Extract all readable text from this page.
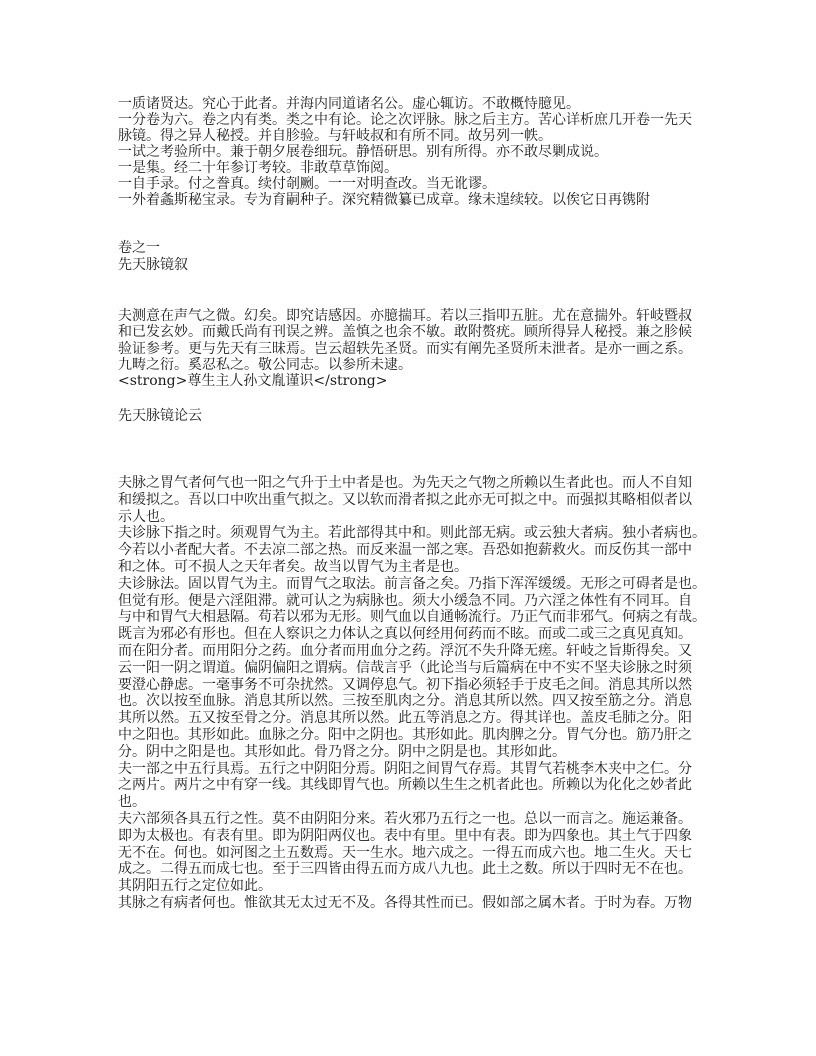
一质诸贤达。究心于此者。并海内同道诸名公。虚心辄访。不敢概恃臆见。
一分卷为六。卷之内有类。类之中有论。论之次评脉。脉之后主方。苦心详析庶几开卷一先天
脉镜。得之异人秘授。并自胗验。与轩岐叔和有所不同。故另列一帙。
一试之考验所中。兼于朝夕展卷细玩。静悟研思。别有所得。亦不敢尽剿成说。
一是集。经二十年参订考较。非敢草草饰阅。
一自手录。付之誊真。续付剞劂。一一对明查改。当无讹谬。
一外着螽斯秘宝录。专为育嗣种子。深究精微纂已成章。缘未遑续较。以俟它日再镌附
卷之一
先天脉镜叙
夫测意在声气之微。幻矣。即究诘感因。亦臆揣耳。若以三指叩五脏。尤在意揣外。轩岐暨叔
和已发玄妙。而戴氏尚有刊误之辨。盖慎之也余不敏。敢附赘疣。顾所得异人秘授。兼之胗候
验证参考。更与先天有三昧焉。岂云超轶先圣贤。而实有阐先圣贤所未泄者。是亦一画之系。
九畴之衍。奚忍私之。敬公同志。以参所未逮。
<strong>尊生主人孙文胤谨识</strong>
先天脉镜论云
夫脉之胃气者何气也一阳之气升于土中者是也。为先天之气物之所赖以生者此也。而人不自知
和缓拟之。吾以口中吹出重气拟之。又以软而滑者拟之此亦无可拟之中。而强拟其略相似者以
示人也。
夫诊脉下指之时。须观胃气为主。若此部得其中和。则此部无病。或云独大者病。独小者病也。
今若以小者配大者。不去凉二部之热。而反来温一部之寒。吾恐如抱薪救火。而反伤其一部中
和之体。可不损人之天年者矣。故当以胃气为主者是也。
夫诊脉法。固以胃气为主。而胃气之取法。前言备之矣。乃指下浑浑缓缓。无形之可碍者是也。
但觉有形。便是六淫阻滞。就可认之为病脉也。须大小缓急不同。乃六淫之体性有不同耳。自
与中和胃气大相悬隔。苟若以邪为无形。则气血以自通畅流行。乃正气而非邪气。何病之有哉。
既言为邪必有形也。但在人察识之力体认之真以何经用何药而不眩。而或二或三之真见真知。
而在阳分者。而用阳分之药。血分者而用血分之药。浮沉不失升降无瘥。轩岐之旨斯得矣。又
云一阳一阴之谓道。偏阴偏阳之谓病。信哉言乎（此论当与后篇病在中不实不坚夫诊脉之时须
要澄心静虑。一毫事务不可杂扰然。又调停息气。初下指必须轻手于皮毛之间。消息其所以然
也。次以按至血脉。消息其所以然。三按至肌肉之分。消息其所以然。四又按至筋之分。消息
其所以然。五又按至骨之分。消息其所以然。此五等消息之方。得其详也。盖皮毛肺之分。阳
中之阳也。其形如此。血脉之分。阳中之阴也。其形如此。肌肉脾之分。胃气分也。筋乃肝之
分。阴中之阳是也。其形如此。骨乃肾之分。阴中之阴是也。其形如此。
夫一部之中五行具焉。五行之中阴阳分焉。阴阳之间胃气存焉。其胃气若桃李木夹中之仁。分
之两片。两片之中有穿一线。其线即胃气也。所赖以生生之机者此也。所赖以为化化之妙者此
也。
夫六部须各具五行之性。莫不由阴阳分来。若火邪乃五行之一也。总以一而言之。施运兼备。
即为太极也。有表有里。即为阴阳两仪也。表中有里。里中有表。即为四象也。其土气于四象
无不在。何也。如河图之土五数焉。天一生水。地六成之。一得五而成六也。地二生火。天七
成之。二得五而成七也。至于三四皆由得五而方成八九也。此土之数。所以于四时无不在也。
其阴阳五行之定位如此。
其脉之有病者何也。惟欲其无太过无不及。各得其性而已。假如部之属木者。于时为春。万物
